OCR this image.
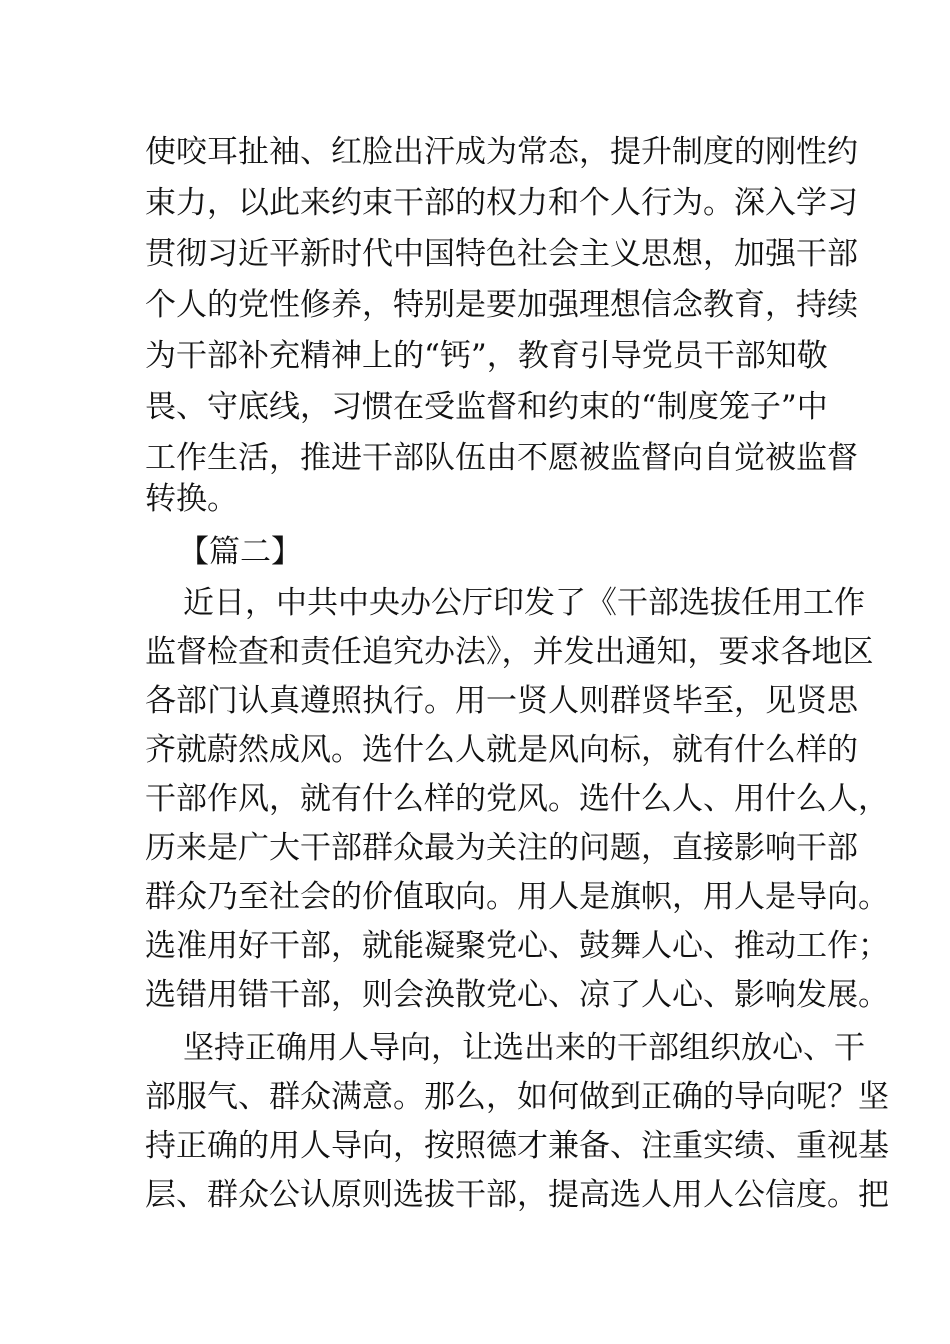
使咬耳扯袖、红脸出汗成为常态，提升制度的刚性约
束力，以此来约束干部的权力和个人行为。深入学习
贯彻习近平新时代中国特色社会主义思想，加强干部
个人的党性修养，特别是要加强理想信念教育，持续
为干部补充精神上的“钙”，教育引导党员干部知敬
畏、守底线，习惯在受监督和约束的“制度笼子”中
工作生活，推进干部队伍由不愿被监督向自觉被监督
转换。
【篇二】
近日，中共中央办公厅印发了《干部选拔任用工作
监督检查和责任追究办法》，并发出通知，要求各地区
各部门认真遵照执行。用一贤人则群贤毕至，见贤思
齐就蔚然成风。选什么人就是风向标，就有什么样的
干部作风，就有什么样的党风。选什么人、用什么人，
历来是广大干部群众最为关注的问题，直接影响干部
群众乃至社会的价值取向。用人是旗帜，用人是导向。
选准用好干部，就能凝聚党心、鼓舞人心、推动工作；
选错用错干部，则会涣散党心、凉了人心、影响发展。
坚持正确用人导向，让选出来的干部组织放心、干
部服气、群众满意。那么，如何做到正确的导向呢？坚
持正确的用人导向，按照德才兼备、注重实绩、重视基
层、群众公认原则选拔干部，提高选人用人公信度。把
